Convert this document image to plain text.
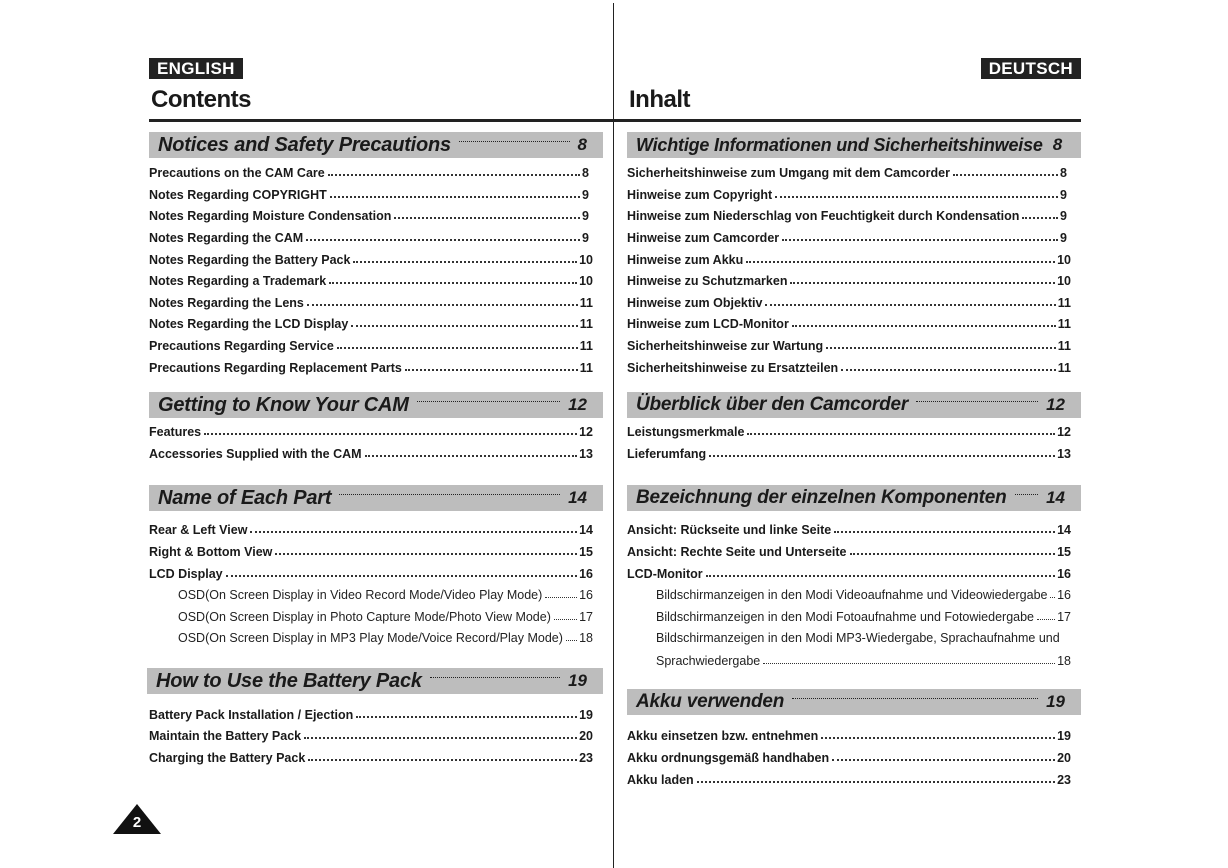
ENGLISH
Contents
Notices and Safety Precautions	8
Precautions on the CAM Care	8
Notes Regarding COPYRIGHT	9
Notes Regarding Moisture Condensation	9
Notes Regarding the CAM	9
Notes Regarding the Battery Pack	10
Notes Regarding a Trademark	10
Notes Regarding the Lens	11
Notes Regarding the LCD Display	11
Precautions Regarding Service	11
Precautions Regarding Replacement Parts	11
Getting to Know Your CAM	12
Features	12
Accessories Supplied with the CAM	13
Name of Each Part	14
Rear & Left View	14
Right & Bottom View	15
LCD Display	16
OSD(On Screen Display in Video Record Mode/Video Play Mode)	16
OSD(On Screen Display in Photo Capture Mode/Photo View Mode) 17
OSD(On Screen Display in MP3 Play Mode/Voice Record/Play Mode) 18
How to Use the Battery Pack	19
Battery Pack Installation / Ejection	19
Maintain the Battery Pack	20
Charging the Battery Pack	23
DEUTSCH
Inhalt
Wichtige Informationen und Sicherheitshinweise 8
Sicherheitshinweise zum Umgang mit dem Camcorder	8
Hinweise zum Copyright	9
Hinweise zum Niederschlag von Feuchtigkeit durch Kondensation	9
Hinweise zum Camcorder	9
Hinweise zum Akku	10
Hinweise zu Schutzmarken	10
Hinweise zum Objektiv	11
Hinweise zum LCD-Monitor	11
Sicherheitshinweise zur Wartung	11
Sicherheitshinweise zu Ersatzteilen	11
Überblick über den Camcorder	12
Leistungsmerkmale	12
Lieferumfang	13
Bezeichnung der einzelnen Komponenten 14
Ansicht: Rückseite und linke Seite	14
Ansicht: Rechte Seite und Unterseite	15
LCD-Monitor	16
Bildschirmanzeigen in den Modi Videoaufnahme und Videowiedergabe 16
Bildschirmanzeigen in den Modi Fotoaufnahme und Fotowiedergabe 17
Bildschirmanzeigen in den Modi MP3-Wiedergabe, Sprachaufnahme und
Sprachwiedergabe	18
Akku verwenden	19
Akku einsetzen bzw. entnehmen	19
Akku ordnungsgemäß handhaben	20
Akku laden	23
2
